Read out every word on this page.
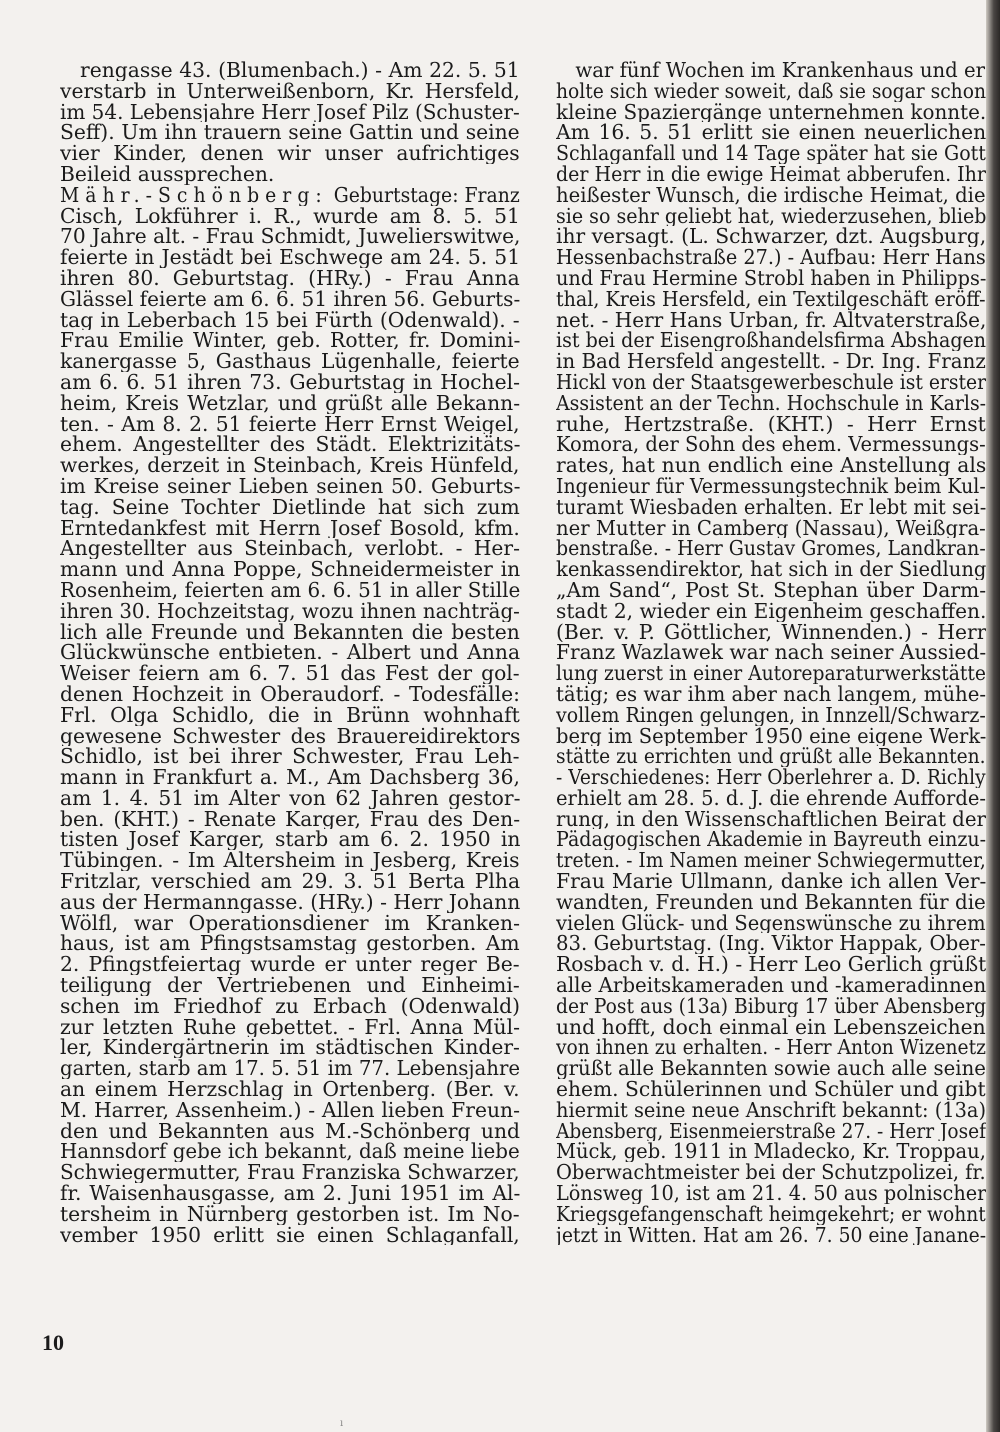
rengasse 43. (Blumenbach.) - Am 22. 5. 51
verstarb in Unterweißenborn, Kr. Hersfeld,
im 54. Lebensjahre Herr Josef Pilz (Schuster-
Seff). Um ihn trauern seine Gattin und seine
vier Kinder, denen wir unser aufrichtiges
Beileid aussprechen.
Mähr.-Schönberg: Geburtstage: Franz
Cisch, Lokführer i. R., wurde am 8. 5. 51
70 Jahre alt. - Frau Schmidt, Juwelierswitwe,
feierte in Jestädt bei Eschwege am 24. 5. 51
ihren 80. Geburtstag. (HRy.) - Frau Anna
Glässel feierte am 6. 6. 51 ihren 56. Geburts-
tag in Leberbach 15 bei Fürth (Odenwald). -
Frau Emilie Winter, geb. Rotter, fr. Domini-
kanergasse 5, Gasthaus Lügenhalle, feierte
am 6. 6. 51 ihren 73. Geburtstag in Hochel-
heim, Kreis Wetzlar, und grüßt alle Bekann-
ten. - Am 8. 2. 51 feierte Herr Ernst Weigel,
ehem. Angestellter des Städt. Elektrizitäts-
werkes, derzeit in Steinbach, Kreis Hünfeld,
im Kreise seiner Lieben seinen 50. Geburts-
tag. Seine Tochter Dietlinde hat sich zum
Erntedankfest mit Herrn Josef Bosold, kfm.
Angestellter aus Steinbach, verlobt. - Her-
mann und Anna Poppe, Schneidermeister in
Rosenheim, feierten am 6. 6. 51 in aller Stille
ihren 30. Hochzeitstag, wozu ihnen nachträg-
lich alle Freunde und Bekannten die besten
Glückwünsche entbieten. - Albert und Anna
Weiser feiern am 6. 7. 51 das Fest der gol-
denen Hochzeit in Oberaudorf. - Todesfälle:
Frl. Olga Schidlo, die in Brünn wohnhaft
gewesene Schwester des Brauereidirektors
Schidlo, ist bei ihrer Schwester, Frau Leh-
mann in Frankfurt a. M., Am Dachsberg 36,
am 1. 4. 51 im Alter von 62 Jahren gestor-
ben. (KHT.) - Renate Karger, Frau des Den-
tisten Josef Karger, starb am 6. 2. 1950 in
Tübingen. - Im Altersheim in Jesberg, Kreis
Fritzlar, verschied am 29. 3. 51 Berta Plha
aus der Hermanngasse. (HRy.) - Herr Johann
Wölfl, war Operationsdiener im Kranken-
haus, ist am Pfingstsamstag gestorben. Am
2. Pfingstfeiertag wurde er unter reger Be-
teiligung der Vertriebenen und Einheimi-
schen im Friedhof zu Erbach (Odenwald)
zur letzten Ruhe gebettet. - Frl. Anna Mül-
ler, Kindergärtnerin im städtischen Kinder-
garten, starb am 17. 5. 51 im 77. Lebensjahre
an einem Herzschlag in Ortenberg. (Ber. v.
M. Harrer, Assenheim.) - Allen lieben Freun-
den und Bekannten aus M.-Schönberg und
Hannsdorf gebe ich bekannt, daß meine liebe
Schwiegermutter, Frau Franziska Schwarzer,
fr. Waisenhausgasse, am 2. Juni 1951 im Al-
tersheim in Nürnberg gestorben ist. Im No-
vember 1950 erlitt sie einen Schlaganfall,
war fünf Wochen im Krankenhaus und er
holte sich wieder soweit, daß sie sogar schon
kleine Spaziergänge unternehmen konnte.
Am 16. 5. 51 erlitt sie einen neuerlichen
Schlaganfall und 14 Tage später hat sie Gott
der Herr in die ewige Heimat abberufen. Ihr
heißester Wunsch, die irdische Heimat, die
sie so sehr geliebt hat, wiederzusehen, blieb
ihr versagt. (L. Schwarzer, dzt. Augsburg,
Hessenbachstraße 27.) - Aufbau: Herr Hans
und Frau Hermine Strobl haben in Philipps-
thal, Kreis Hersfeld, ein Textilgeschäft eröff-
net. - Herr Hans Urban, fr. Altvaterstraße,
ist bei der Eisengroßhandelsfirma Abshagen
in Bad Hersfeld angestellt. - Dr. Ing. Franz
Hickl von der Staatsgewerbeschule ist erster
Assistent an der Techn. Hochschule in Karls-
ruhe, Hertzstraße. (KHT.) - Herr Ernst
Komora, der Sohn des ehem. Vermessungs-
rates, hat nun endlich eine Anstellung als
Ingenieur für Vermessungstechnik beim Kul-
turamt Wiesbaden erhalten. Er lebt mit sei-
ner Mutter in Camberg (Nassau), Weißgra-
benstraße. - Herr Gustav Gromes, Landkran-
kenkassendirektor, hat sich in der Siedlung
„Am Sand“, Post St. Stephan über Darm-
stadt 2, wieder ein Eigenheim geschaffen.
(Ber. v. P. Göttlicher, Winnenden.) - Herr
Franz Wazlawek war nach seiner Aussied-
lung zuerst in einer Autoreparaturwerkstätte
tätig; es war ihm aber nach langem, mühe-
vollem Ringen gelungen, in Innzell/Schwarz-
berg im September 1950 eine eigene Werk-
stätte zu errichten und grüßt alle Bekannten.
- Verschiedenes: Herr Oberlehrer a. D. Richly
erhielt am 28. 5. d. J. die ehrende Aufforde-
rung, in den Wissenschaftlichen Beirat der
Pädagogischen Akademie in Bayreuth einzu-
treten. - Im Namen meiner Schwiegermutter,
Frau Marie Ullmann, danke ich allen Ver-
wandten, Freunden und Bekannten für die
vielen Glück- und Segenswünsche zu ihrem
83. Geburtstag. (Ing. Viktor Happak, Ober-
Rosbach v. d. H.) - Herr Leo Gerlich grüßt
alle Arbeitskameraden und -kameradinnen
der Post aus (13a) Biburg 17 über Abensberg
und hofft, doch einmal ein Lebenszeichen
von ihnen zu erhalten. - Herr Anton Wizenetz
grüßt alle Bekannten sowie auch alle seine
ehem. Schülerinnen und Schüler und gibt
hiermit seine neue Anschrift bekannt: (13a)
Abensberg, Eisenmeierstraße 27. - Herr Josef
Mück, geb. 1911 in Mladecko, Kr. Troppau,
Oberwachtmeister bei der Schutzpolizei, fr.
Lönsweg 10, ist am 21. 4. 50 aus polnischer
Kriegsgefangenschaft heimgekehrt; er wohnt
jetzt in Witten. Hat am 26. 7. 50 eine Janane-
10
ı
